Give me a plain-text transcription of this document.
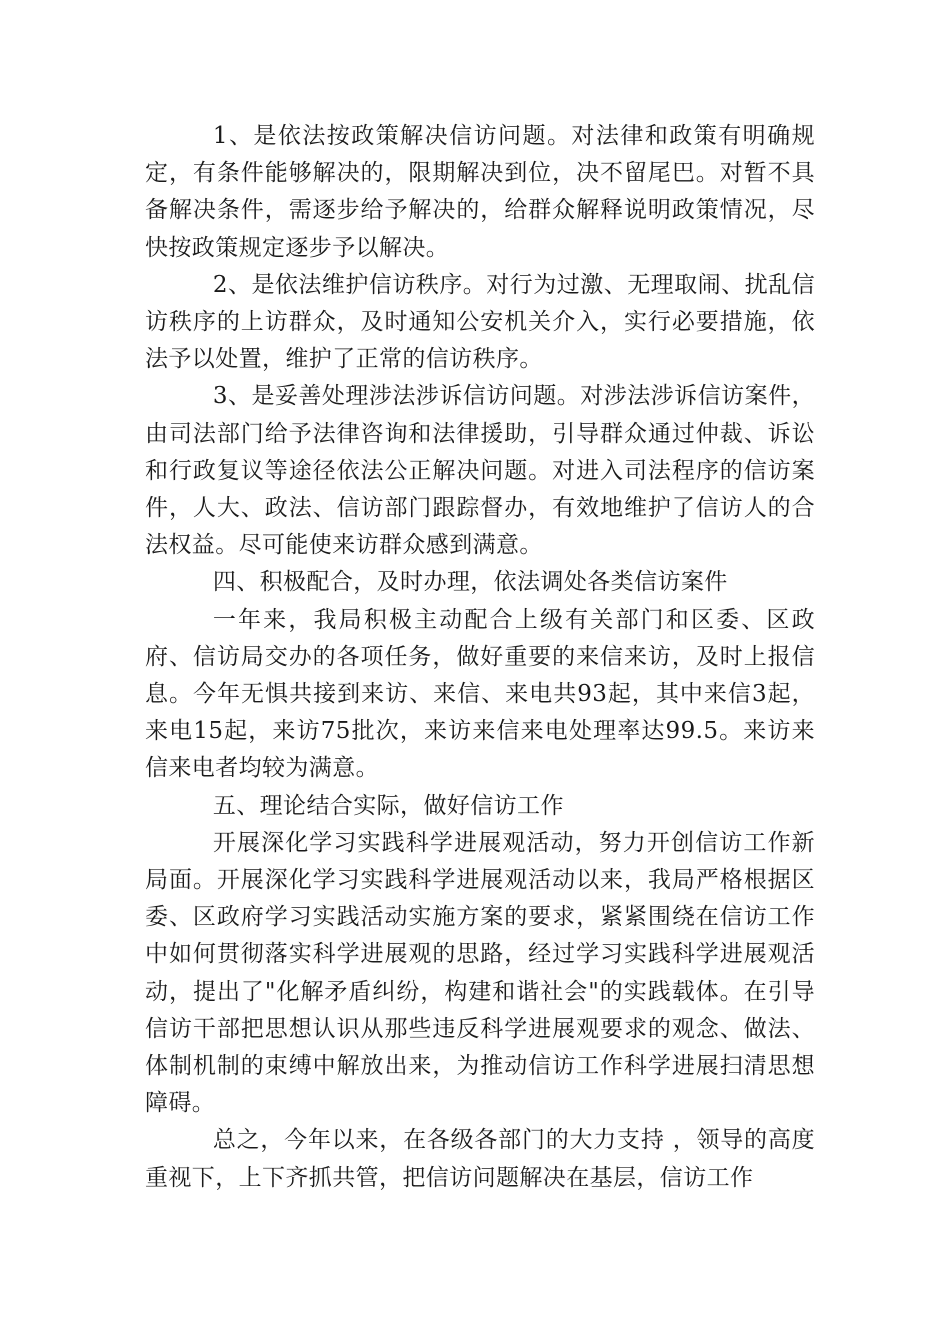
1、是依法按政策解决信访问题。对法律和政策有明确规定，有条件能够解决的，限期解决到位，决不留尾巴。对暂不具备解决条件，需逐步给予解决的，给群众解释说明政策情况，尽快按政策规定逐步予以解决。

2、是依法维护信访秩序。对行为过激、无理取闹、扰乱信访秩序的上访群众，及时通知公安机关介入，实行必要措施，依法予以处置，维护了正常的信访秩序。

3、是妥善处理涉法涉诉信访问题。对涉法涉诉信访案件，由司法部门给予法律咨询和法律援助，引导群众通过仲裁、诉讼和行政复议等途径依法公正解决问题。对进入司法程序的信访案件，人大、政法、信访部门跟踪督办，有效地维护了信访人的合法权益。尽可能使来访群众感到满意。

四、积极配合，及时办理，依法调处各类信访案件

一年来，我局积极主动配合上级有关部门和区委、区政府、信访局交办的各项任务，做好重要的来信来访，及时上报信息。今年无惧共接到来访、来信、来电共93起，其中来信3起，来电15起，来访75批次，来访来信来电处理率达99.5。来访来信来电者均较为满意。

五、理论结合实际，做好信访工作

开展深化学习实践科学进展观活动，努力开创信访工作新局面。开展深化学习实践科学进展观活动以来，我局严格根据区委、区政府学习实践活动实施方案的要求，紧紧围绕在信访工作中如何贯彻落实科学进展观的思路，经过学习实践科学进展观活动，提出了"化解矛盾纠纷，构建和谐社会"的实践载体。在引导信访干部把思想认识从那些违反科学进展观要求的观念、做法、体制机制的束缚中解放出来，为推动信访工作科学进展扫清思想障碍。

总之，今年以来，在各级各部门的大力支持 ，领导的高度重视下，上下齐抓共管，把信访问题解决在基层，信访工作
